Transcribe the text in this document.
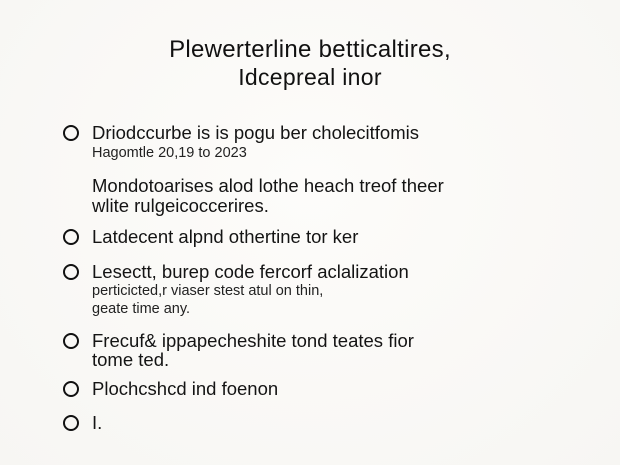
Plewerterline betticaltires,
Idcepreal inor
Driodccurbe is is pogu ber cholecitfomis
Hagomtle 20,19 to 2023
Mondotoarises alod lothe heach treof theer
wlite rulgeicoccerires.
Latdecent alpnd othertine tor ker
Lesectt, burep code fercorf aclalization
perticicted,r viaser stest atul on thin,
geate time any.
Frecuf& ippapecheshite tond teates fior
tome ted.
Plochcshcd ind foenon
I.
